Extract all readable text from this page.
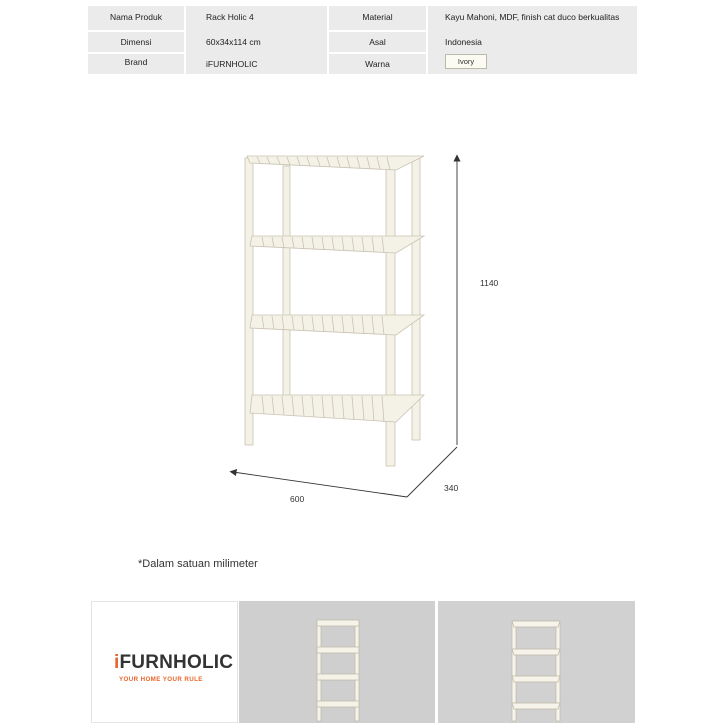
Nama Produk	Rack Holic 4	Material	Kayu Mahoni, MDF, finish cat duco berkualitas
Dimensi	60x34x114 cm	Asal	Indonesia
Brand	iFURNHOLIC	Warna	Ivory
1140
340
600
*Dalam satuan milimeter
iFURNHOLIC
YOUR HOME YOUR RULE
